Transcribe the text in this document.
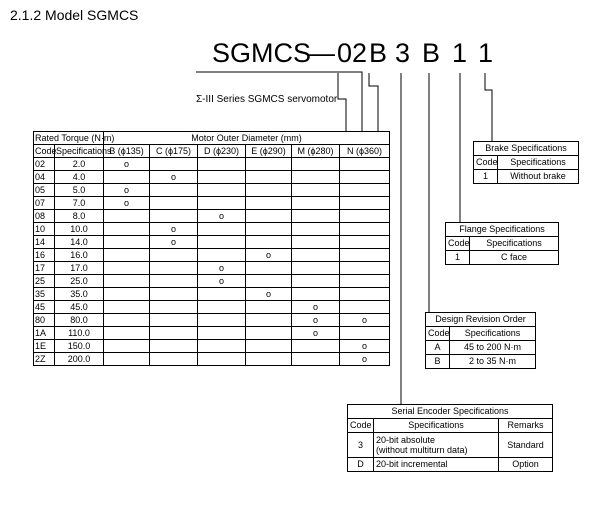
2.1.2 Model SGMCS
SGMCS
— 02 B 3 B 1 1
Σ-III Series SGMCS servomotor
Rated Torque (N·m)		Motor Outer Diameter (mm)					
Code	Specifications	B (ϕ135)	C (ϕ175)	D (ϕ230)	E (ϕ290)	M (ϕ280)	N (ϕ360)
02	2.0	o					
04	4.0		o				
05	5.0	o					
07	7.0	o					
08	8.0			o			
10	10.0		o				
14	14.0		o				
16	16.0				o		
17	17.0			o			
25	25.0			o			
35	35.0				o		
45	45.0					o	
80	80.0					o	o
1A	110.0					o	
1E	150.0						o
2Z	200.0						o
Brake Specifications	
Code	Specifications
1	Without brake
Flange Specifications	
Code	Specifications
1	C face
Design Revision Order	
Code	Specifications
A	45 to 200 N·m
B	2 to 35 N·m
Serial Encoder Specifications		
Code	Specifications	Remarks
3	20-bit absolute
(without multiturn data)	Standard
D	20-bit incremental	Option
